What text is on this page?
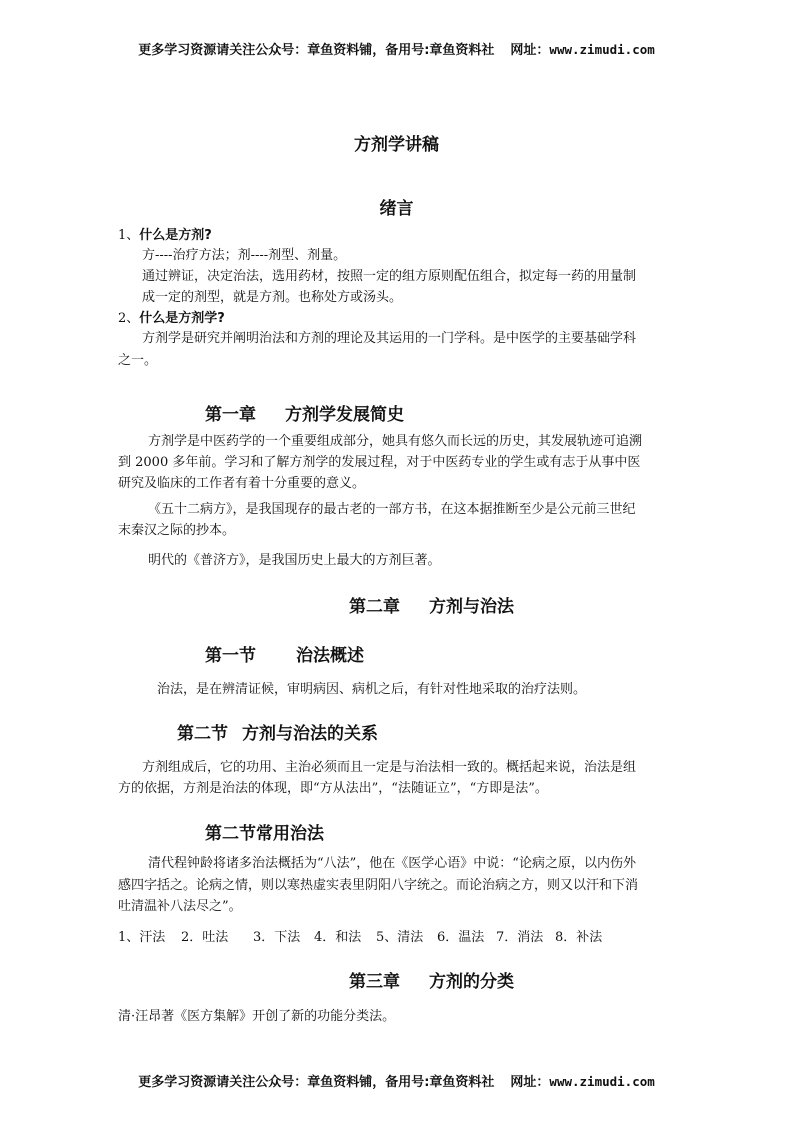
更多学习资源请关注公众号：章鱼资料铺，备用号:章鱼资料社 网址：www.zimudi.com
方剂学讲稿
绪言
1、什么是方剂?
方----治疗方法；剂----剂型、剂量。
通过辨证，决定治法，选用药材，按照一定的组方原则配伍组合，拟定每一药的用量制
成一定的剂型，就是方剂。也称处方或汤头。
2、什么是方剂学?
方剂学是研究并阐明治法和方剂的理论及其运用的一门学科。是中医学的主要基础学科
之一。
第一章 方剂学发展简史
方剂学是中医药学的一个重要组成部分，她具有悠久而长远的历史，其发展轨迹可追溯
到 2000 多年前。学习和了解方剂学的发展过程，对于中医药专业的学生或有志于从事中医
研究及临床的工作者有着十分重要的意义。
《五十二病方》，是我国现存的最古老的一部方书，在这本据推断至少是公元前三世纪
末秦汉之际的抄本。
明代的《普济方》，是我国历史上最大的方剂巨著。
第二章 方剂与治法
第一节 治法概述
治法，是在辨清证候，审明病因、病机之后，有针对性地采取的治疗法则。
第二节 方剂与治法的关系
方剂组成后，它的功用、主治必须而且一定是与治法相一致的。概括起来说，治法是组
方的依据，方剂是治法的体现，即“方从法出”，“法随证立”，“方即是法”。
第二节常用治法
清代程钟龄将诸多治法概括为“八法”，他在《医学心语》中说：“论病之原，以内伤外
感四字括之。论病之情，则以寒热虚实表里阴阳八字统之。而论治病之方，则又以汗和下消
吐清温补八法尽之”。
1、汗法 2．吐法 3．下法 4．和法 5、清法 6．温法 7．消法 8．补法
第三章 方剂的分类
清·汪昂著《医方集解》开创了新的功能分类法。
更多学习资源请关注公众号：章鱼资料铺，备用号:章鱼资料社 网址：www.zimudi.com
